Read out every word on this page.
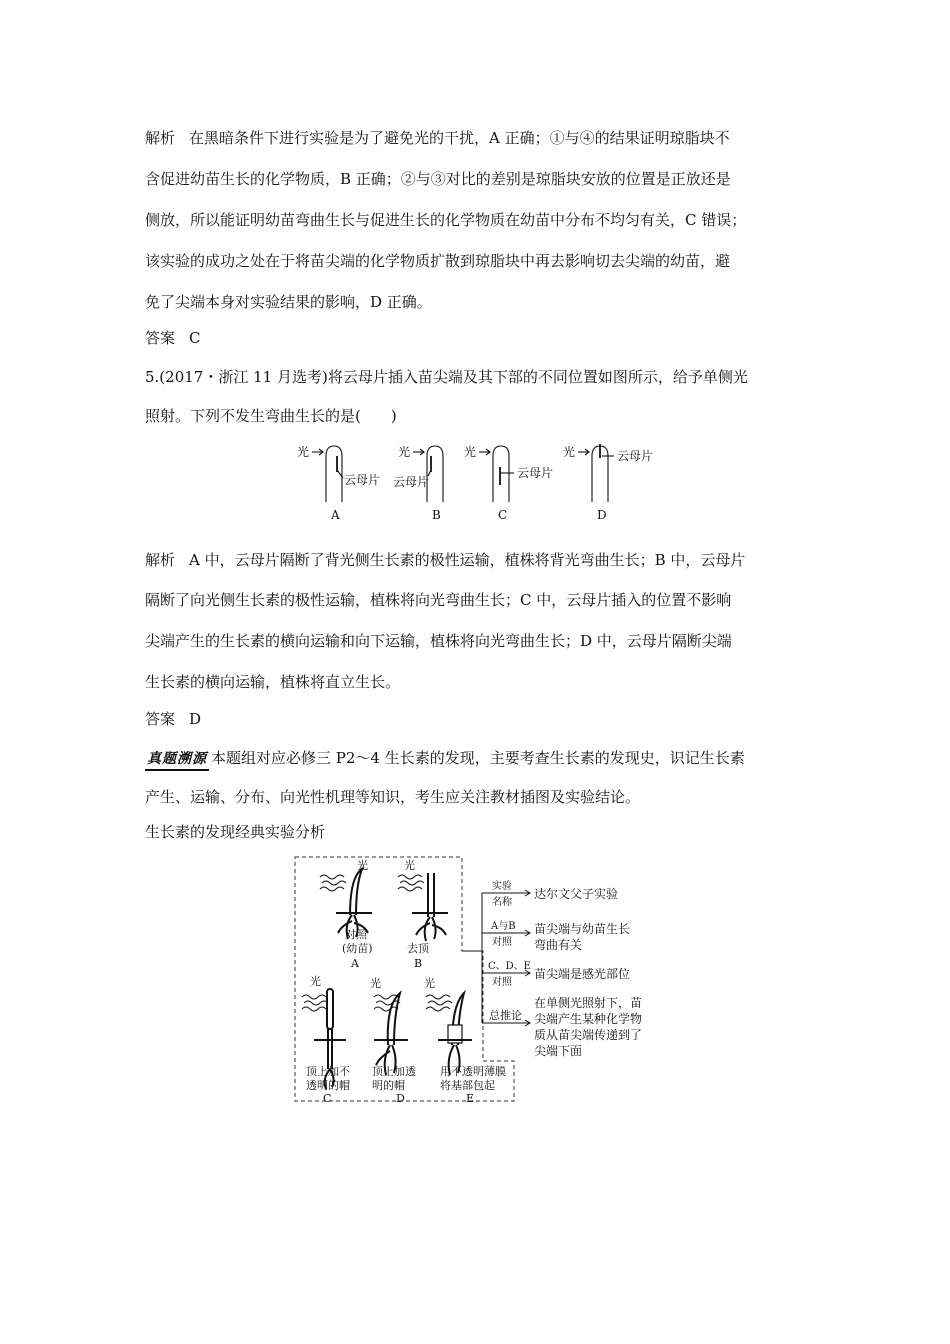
解析 在黑暗条件下进行实验是为了避免光的干扰，A 正确；①与④的结果证明琼脂块不
含促进幼苗生长的化学物质，B 正确；②与③对比的差别是琼脂块安放的位置是正放还是
侧放，所以能证明幼苗弯曲生长与促进生长的化学物质在幼苗中分布不均匀有关，C 错误；
该实验的成功之处在于将苗尖端的化学物质扩散到琼脂块中再去影响切去尖端的幼苗，避
免了尖端本身对实验结果的影响，D 正确。
答案 C
5.(2017・浙江 11 月选考)将云母片插入苗尖端及其下部的不同位置如图所示，给予单侧光
照射。下列不发生弯曲生长的是(　　)
光
云母片
A
光
云母片
B
光
云母片
C
光	云母片
D
解析 A 中，云母片隔断了背光侧生长素的极性运输，植株将背光弯曲生长；B 中，云母片
隔断了向光侧生长素的极性运输，植株将向光弯曲生长；C 中，云母片插入的位置不影响
尖端产生的生长素的横向运输和向下运输，植株将向光弯曲生长；D 中，云母片隔断尖端
生长素的横向运输，植株将直立生长。
答案 D
真题溯源 本题组对应必修三 P2～4 生长素的发现，主要考查生长素的发现史，识记生长素
产生、运输、分布、向光性机理等知识，考生应关注教材插图及实验结论。
生长素的发现经典实验分析
光	光
光	光	光
对照
(幼苗)
A
去顶
B
顶上加不
透明的帽
C
顶上加透
明的帽
D
用不透明薄膜
将基部包起
E
实验
名称
达尔文父子实验
A与B
对照
苗尖端与幼苗生长
弯曲有关
C、D、E
对照
苗尖端是感光部位
总推论
在单侧光照射下，苗
尖端产生某种化学物
质从苗尖端传递到了
尖端下面
